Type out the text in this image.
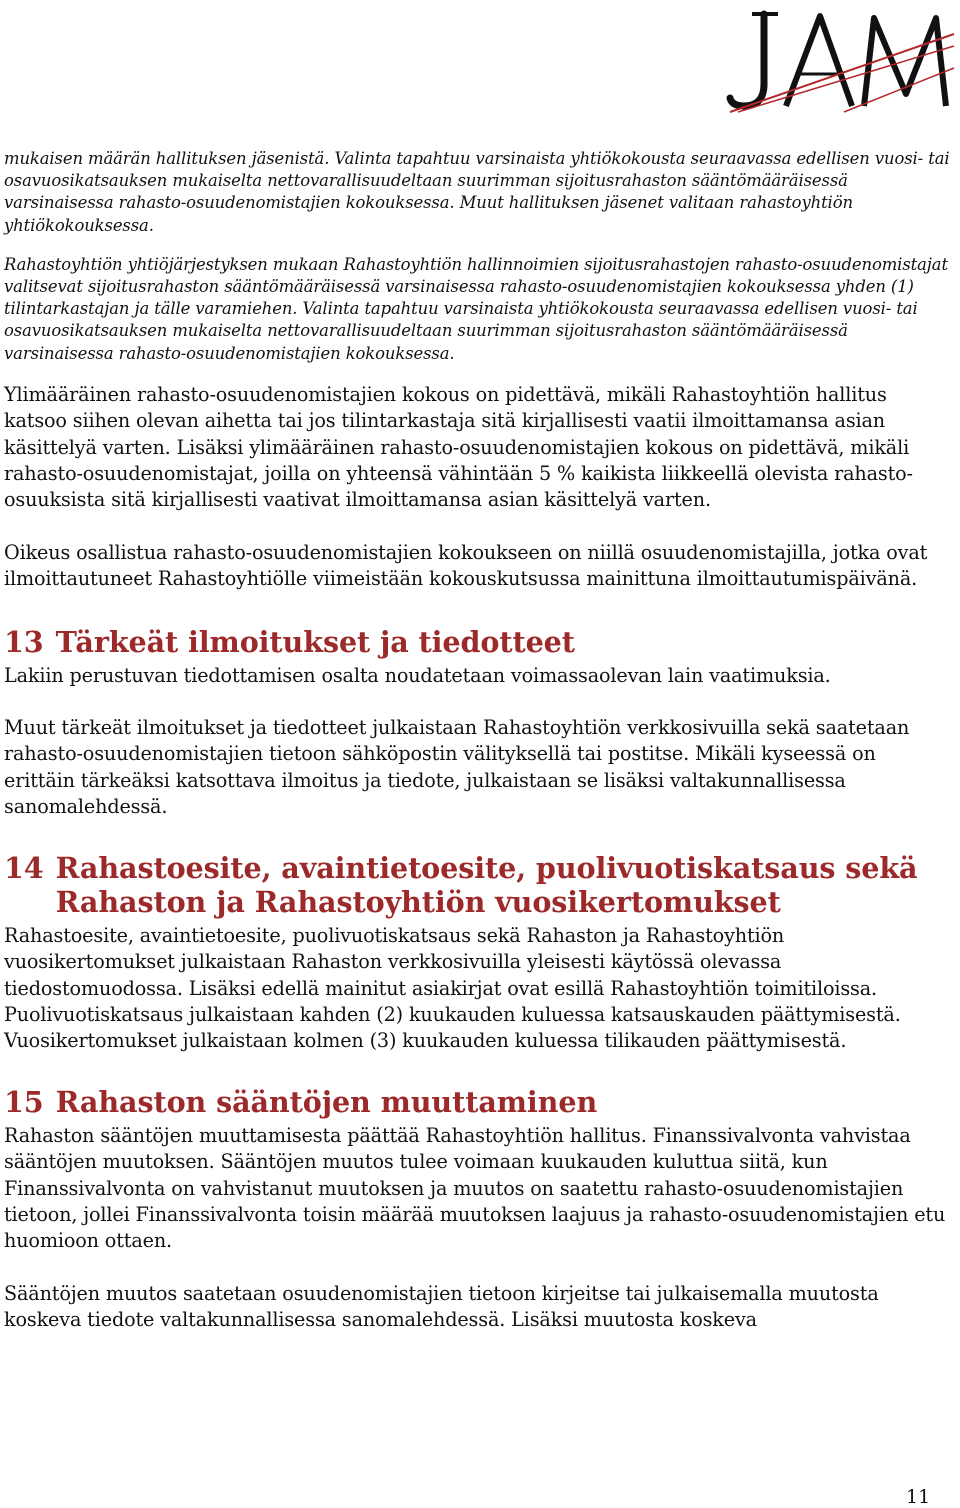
mukaisen määrän hallituksen jäsenistä. Valinta tapahtuu varsinaista yhtiökokousta seuraavassa edellisen vuosi- tai osavuosikatsauksen mukaiselta nettovarallisuudeltaan suurimman sijoitusrahaston sääntömääräisessä varsinaisessa rahasto-osuudenomistajien kokouksessa. Muut hallituksen jäsenet valitaan rahastoyhtiön yhtiökokouksessa.

Rahastoyhtiön yhtiöjärjestyksen mukaan Rahastoyhtiön hallinnoimien sijoitusrahastojen rahasto-osuudenomistajat valitsevat sijoitusrahaston sääntömääräisessä varsinaisessa rahasto-osuudenomistajien kokouksessa yhden (1) tilintarkastajan ja tälle varamiehen. Valinta tapahtuu varsinaista yhtiökokousta seuraavassa edellisen vuosi- tai osavuosikatsauksen mukaiselta nettovarallisuudeltaan suurimman sijoitusrahaston sääntömääräisessä varsinaisessa rahasto-osuudenomistajien kokouksessa.

Ylimääräinen rahasto-osuudenomistajien kokous on pidettävä, mikäli Rahastoyhtiön hallitus katsoo siihen olevan aihetta tai jos tilintarkastaja sitä kirjallisesti vaatii ilmoittamansa asian käsittelyä varten. Lisäksi ylimääräinen rahasto-osuudenomistajien kokous on pidettävä, mikäli rahasto-osuudenomistajat, joilla on yhteensä vähintään 5 % kaikista liikkeellä olevista rahasto-osuuksista sitä kirjallisesti vaativat ilmoittamansa asian käsittelyä varten.

Oikeus osallistua rahasto-osuudenomistajien kokoukseen on niillä osuudenomistajilla, jotka ovat ilmoittautuneet Rahastoyhtiölle viimeistään kokouskutsussa mainittuna ilmoittautumispäivänä.

13 Tärkeät ilmoitukset ja tiedotteet

Lakiin perustuvan tiedottamisen osalta noudatetaan voimassaolevan lain vaatimuksia.

Muut tärkeät ilmoitukset ja tiedotteet julkaistaan Rahastoyhtiön verkkosivuilla sekä saatetaan rahasto-osuudenomistajien tietoon sähköpostin välityksellä tai postitse. Mikäli kyseessä on erittäin tärkeäksi katsottava ilmoitus ja tiedote, julkaistaan se lisäksi valtakunnallisessa sanomalehdessä.

14 Rahastoesite, avaintietoesite, puolivuotiskatsaus sekä Rahaston ja Rahastoyhtiön vuosikertomukset

Rahastoesite, avaintietoesite, puolivuotiskatsaus sekä Rahaston ja Rahastoyhtiön vuosikertomukset julkaistaan Rahaston verkkosivuilla yleisesti käytössä olevassa tiedostomuodossa. Lisäksi edellä mainitut asiakirjat ovat esillä Rahastoyhtiön toimitiloissa. Puolivuotiskatsaus julkaistaan kahden (2) kuukauden kuluessa katsauskauden päättymisestä. Vuosikertomukset julkaistaan kolmen (3) kuukauden kuluessa tilikauden päättymisestä.

15 Rahaston sääntöjen muuttaminen

Rahaston sääntöjen muuttamisesta päättää Rahastoyhtiön hallitus. Finanssivalvonta vahvistaa sääntöjen muutoksen. Sääntöjen muutos tulee voimaan kuukauden kuluttua siitä, kun Finanssivalvonta on vahvistanut muutoksen ja muutos on saatettu rahasto-osuudenomistajien tietoon, jollei Finanssivalvonta toisin määrää muutoksen laajuus ja rahasto-osuudenomistajien etu huomioon ottaen.

Sääntöjen muutos saatetaan osuudenomistajien tietoon kirjeitse tai julkaisemalla muutosta koskeva tiedote valtakunnallisessa sanomalehdessä. Lisäksi muutosta koskeva

11
